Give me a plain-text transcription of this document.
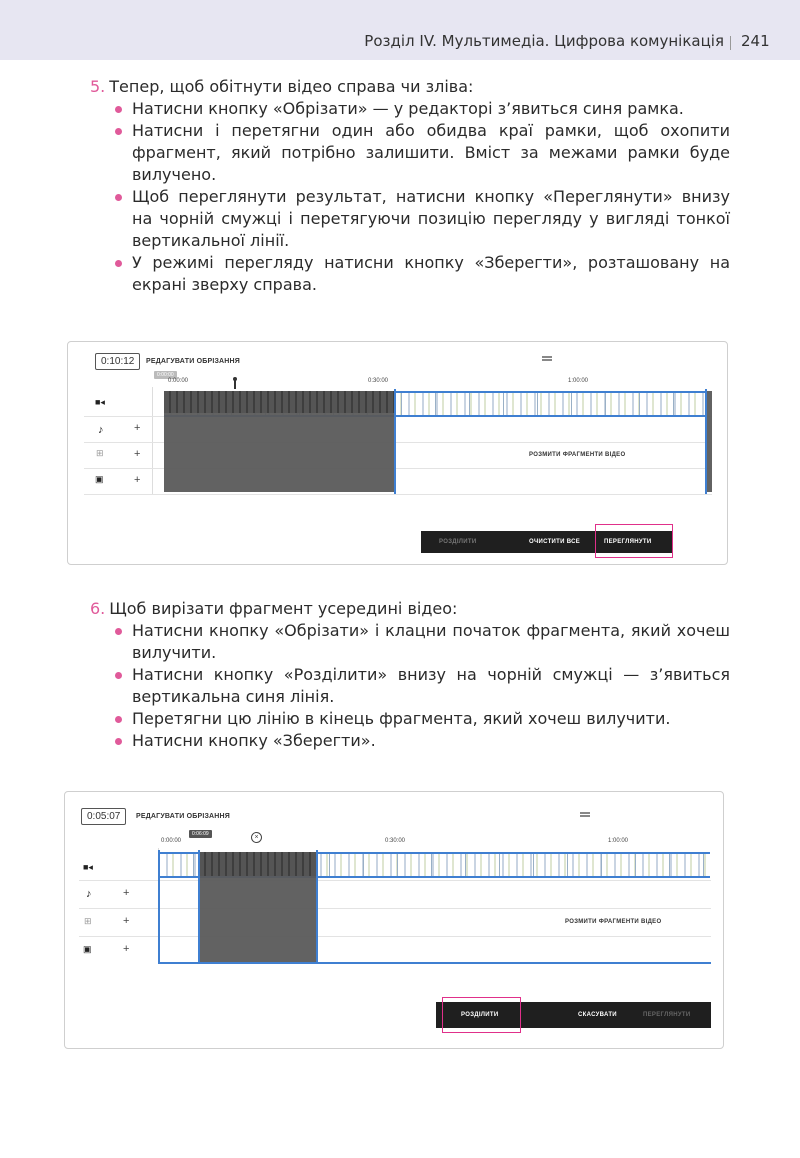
Розділ IV. Мультимедіа. Цифрова комунікація 241

5. Тепер, щоб обітнути відео справа чи зліва:

Натисни кнопку «Обрізати» — у редакторі з’явиться синя рамка.
Натисни і перетягни один або обидва краї рамки, щоб охопити фрагмент, який потрібно залишити. Вміст за межами рамки буде вилучено.
Щоб переглянути результат, натисни кнопку «Переглянути» внизу на чорній смужці і перетягуючи позицію перегляду у вигляді тонкої вертикальної лінії.
У режимі перегляду натисни кнопку «Зберегти», розташовану на екрані зверху справа.
0:10:12	РЕДАГУВАТИ ОБРІЗАННЯ
0:00:00
0:00:00	0:30:00	1:00:00
■◂
♪	+
⊞	+
▣	+
РОЗМИТИ ФРАГМЕНТИ ВІДЕО
РОЗДІЛИТИ	ОЧИСТИТИ ВСЕ	ПЕРЕГЛЯНУТИ

6. Щоб вирізати фрагмент усередині відео:

Натисни кнопку «Обрізати» і клацни початок фрагмента, який хочеш вилучити.
Натисни кнопку «Розділити» внизу на чорній смужці — з’явиться вертикальна синя лінія.
Перетягни цю лінію в кінець фрагмента, який хочеш вилучити.
Натисни кнопку «Зберегти».
0:05:07	РЕДАГУВАТИ ОБРІЗАННЯ
0:00:00
0:06:09	×	0:30:00	1:00:00
■◂
♪	+
⊞	+
▣	+
РОЗМИТИ ФРАГМЕНТИ ВІДЕО
РОЗДІЛИТИ	СКАСУВАТИ	ПЕРЕГЛЯНУТИ
